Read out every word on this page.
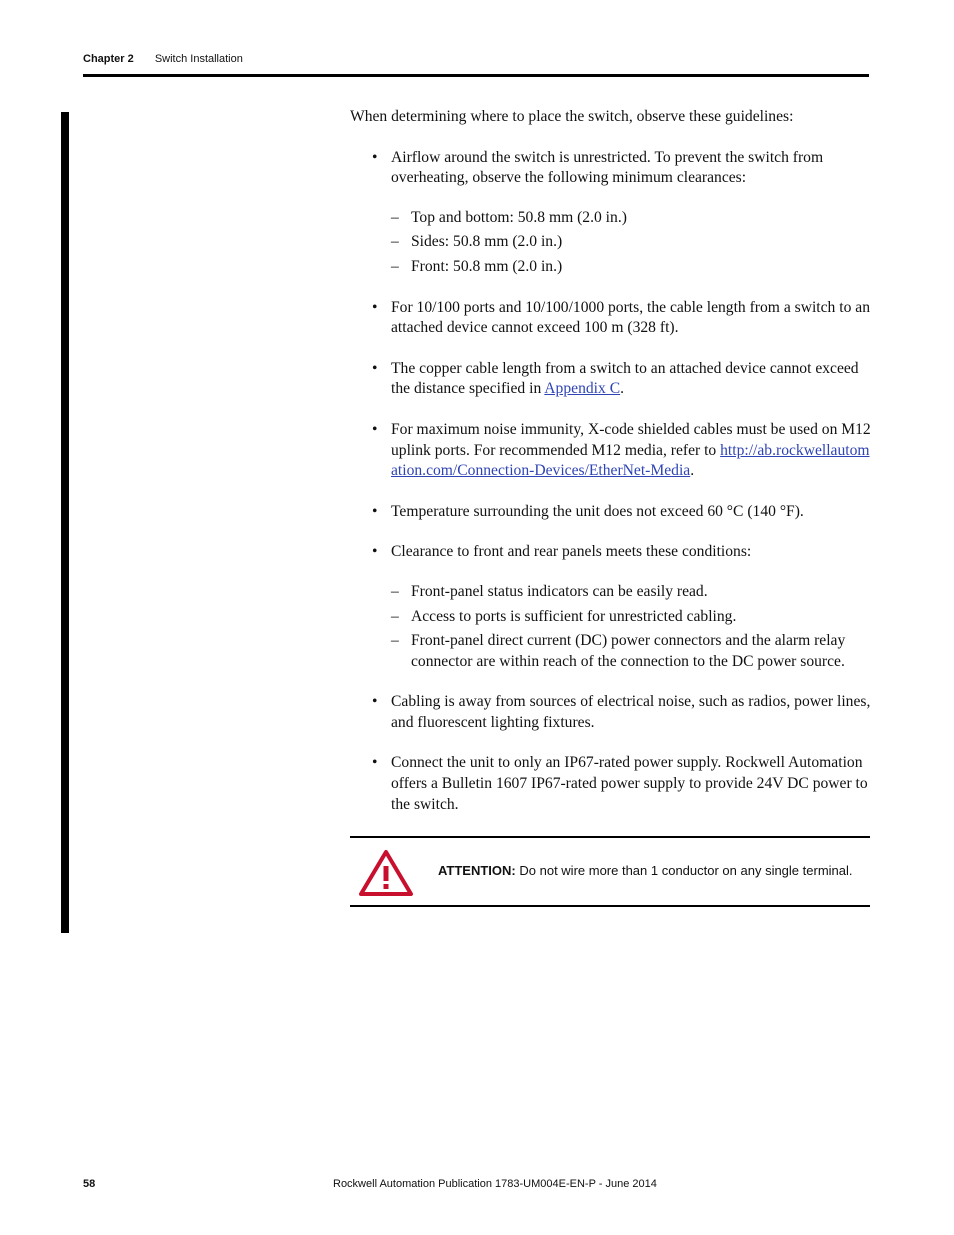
Chapter 2 Switch Installation

When determining where to place the switch, observe these guidelines:

• Airflow around the switch is unrestricted. To prevent the switch from overheating, observe the following minimum clearances:
– Top and bottom: 50.8 mm (2.0 in.)
– Sides: 50.8 mm (2.0 in.)
– Front: 50.8 mm (2.0 in.)
• For 10/100 ports and 10/100/1000 ports, the cable length from a switch to an attached device cannot exceed 100 m (328 ft).
• The copper cable length from a switch to an attached device cannot exceed the distance specified in Appendix C.
• For maximum noise immunity, X-code shielded cables must be used on M12 uplink ports. For recommended M12 media, refer to http://ab.rockwellautomation.com/Connection-Devices/EtherNet-Media.
• Temperature surrounding the unit does not exceed 60 °C (140 °F).
• Clearance to front and rear panels meets these conditions:
– Front-panel status indicators can be easily read.
– Access to ports is sufficient for unrestricted cabling.
– Front-panel direct current (DC) power connectors and the alarm relay connector are within reach of the connection to the DC power source.
• Cabling is away from sources of electrical noise, such as radios, power lines, and fluorescent lighting fixtures.
• Connect the unit to only an IP67-rated power supply. Rockwell Automation offers a Bulletin 1607 IP67-rated power supply to provide 24V DC power to the switch.
ATTENTION: Do not wire more than 1 conductor on any single terminal.
58	Rockwell Automation Publication 1783-UM004E-EN-P - June 2014
